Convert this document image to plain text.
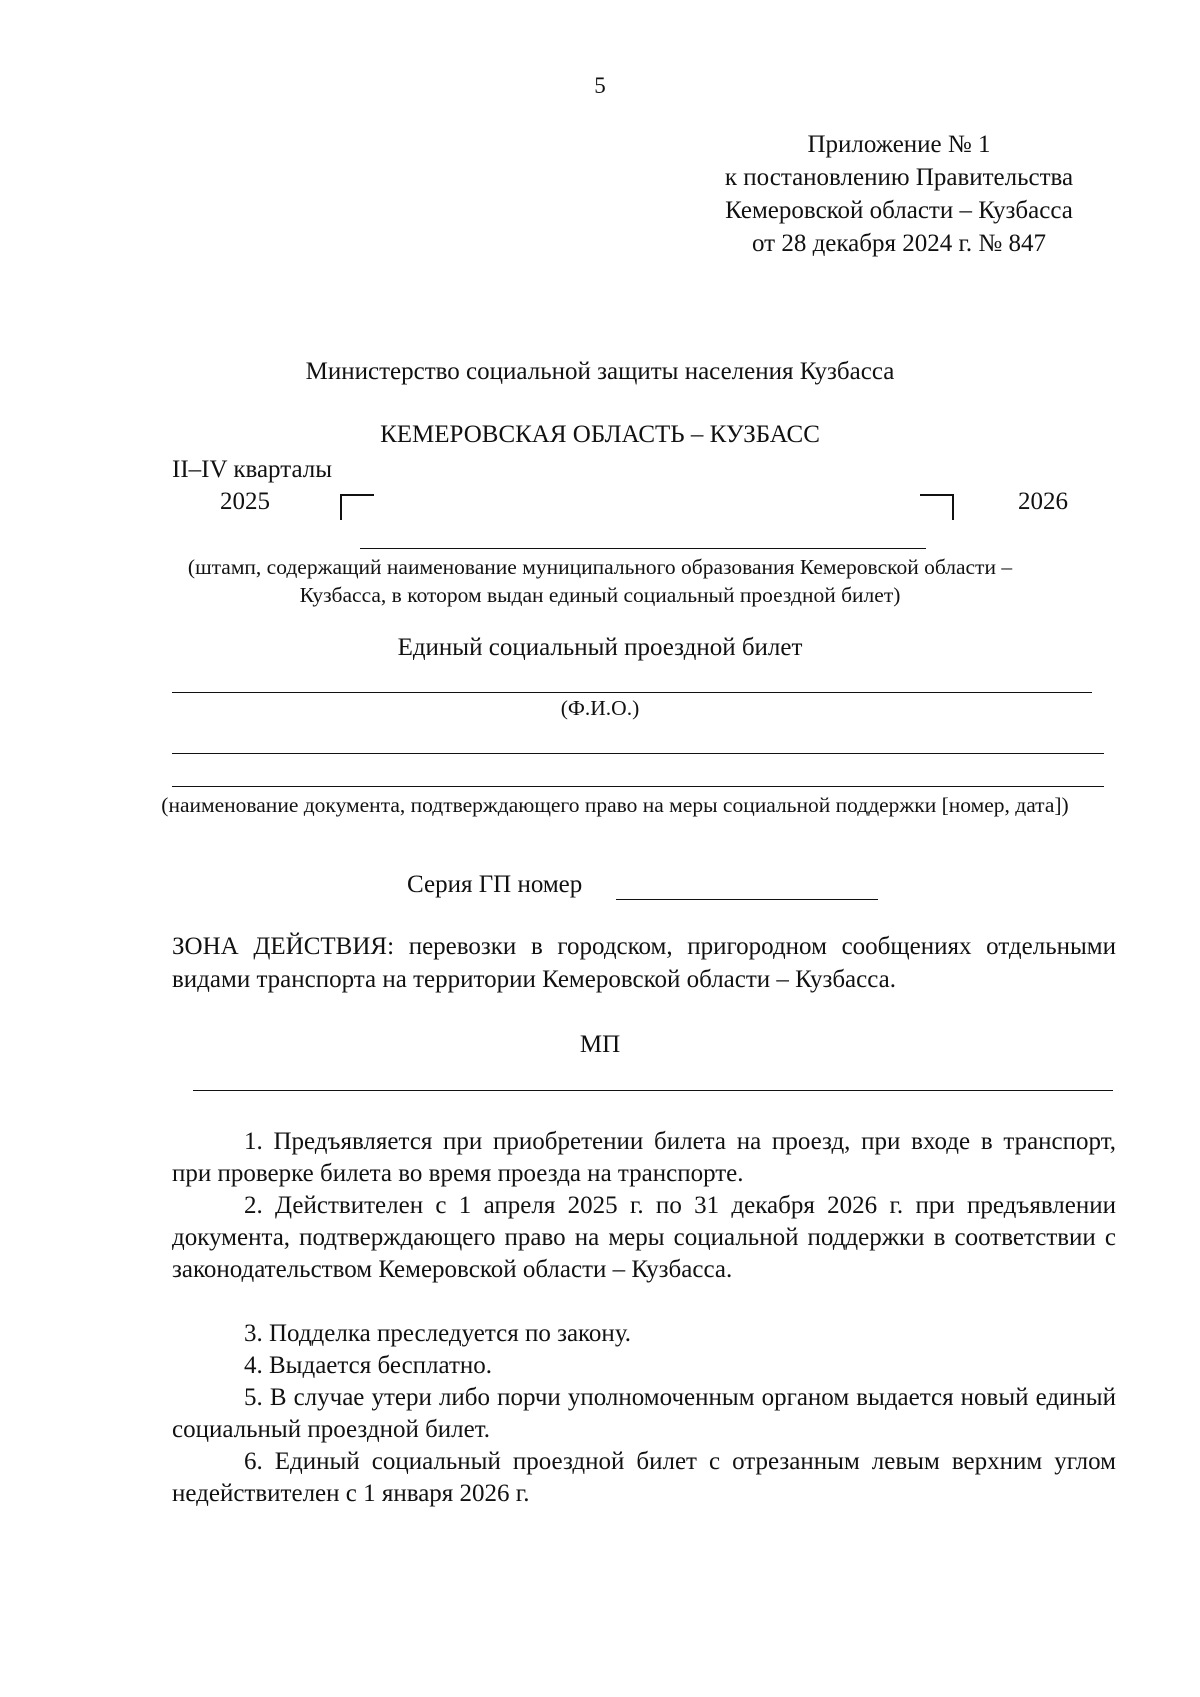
5
Приложение № 1
к постановлению Правительства
Кемеровской области – Кузбасса
от 28 декабря 2024 г. № 847
Министерство социальной защиты населения Кузбасса
КЕМЕРОВСКАЯ ОБЛАСТЬ – КУЗБАСС
II–IV кварталы
2025	2026
(штамп, содержащий наименование муниципального образования Кемеровской области – Кузбасса, в котором выдан единый социальный проездной билет)
Единый социальный проездной билет
(Ф.И.О.)
(наименование документа, подтверждающего право на меры социальной поддержки [номер, дата])
Серия ГП номер
ЗОНА ДЕЙСТВИЯ: перевозки в городском, пригородном сообщениях отдельными видами транспорта на территории Кемеровской области – Кузбасса.
МП
1. Предъявляется при приобретении билета на проезд, при входе в транспорт, при проверке билета во время проезда на транспорте.
2. Действителен с 1 апреля 2025 г. по 31 декабря 2026 г. при предъявлении документа, подтверждающего право на меры социальной поддержки в соответствии с законодательством Кемеровской области – Кузбасса.
3. Подделка преследуется по закону.
4. Выдается бесплатно.
5. В случае утери либо порчи уполномоченным органом выдается новый единый социальный проездной билет.
6. Единый социальный проездной билет с отрезанным левым верхним углом недействителен с 1 января 2026 г.
